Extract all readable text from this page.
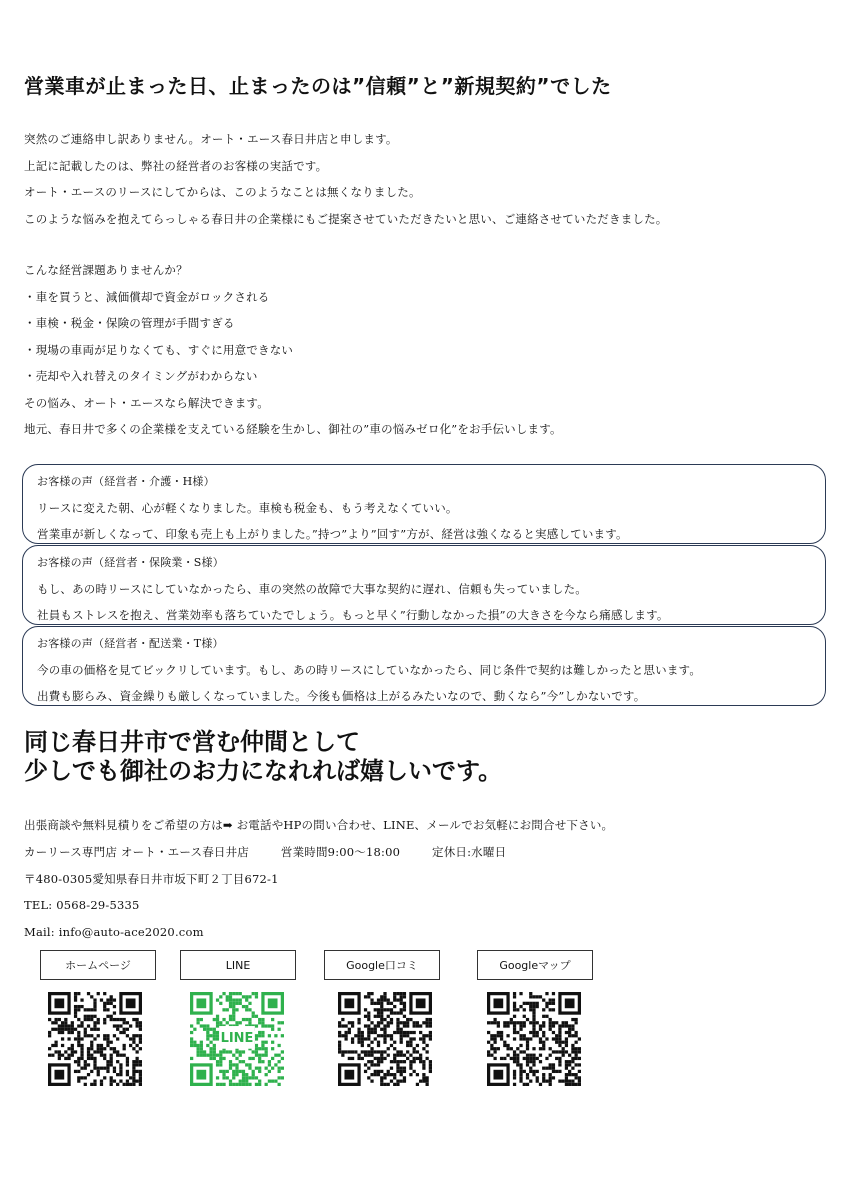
営業車が止まった日、止まったのは”信頼”と”新規契約”でした
突然のご連絡申し訳ありません。オート・エース春日井店と申します。
上記に記載したのは、弊社の経営者のお客様の実話です。
オート・エースのリースにしてからは、このようなことは無くなりました。
このような悩みを抱えてらっしゃる春日井の企業様にもご提案させていただきたいと思い、ご連絡させていただきました。
こんな経営課題ありませんか？
・車を買うと、減価償却で資金がロックされる
・車検・税金・保険の管理が手間すぎる
・現場の車両が足りなくても、すぐに用意できない
・売却や入れ替えのタイミングがわからない
その悩み、オート・エースなら解決できます。
地元、春日井で多くの企業様を支えている経験を生かし、御社の”車の悩みゼロ化”をお手伝いします。
お客様の声（経営者・介護・H様）
リースに変えた朝、心が軽くなりました。車検も税金も、もう考えなくていい。
営業車が新しくなって、印象も売上も上がりました。”持つ”より”回す”方が、経営は強くなると実感しています。
お客様の声（経営者・保険業・S様）
もし、あの時リースにしていなかったら、車の突然の故障で大事な契約に遅れ、信頼も失っていました。
社員もストレスを抱え、営業効率も落ちていたでしょう。もっと早く”行動しなかった損”の大きさを今なら痛感します。
お客様の声（経営者・配送業・T様）
今の車の価格を見てビックリしています。もし、あの時リースにしていなかったら、同じ条件で契約は難しかったと思います。
出費も膨らみ、資金繰りも厳しくなっていました。今後も価格は上がるみたいなので、動くなら”今”しかないです。
同じ春日井市で営む仲間として
少しでも御社のお力になれれば嬉しいです。
出張商談や無料見積りをご希望の方は➡ お電話やHPの問い合わせ、LINE、メールでお気軽にお問合せ下さい。
カーリース専門店 オート・エース春日井店	営業時間9:00～18:00	定休日:水曜日
〒480-0305愛知県春日井市坂下町２丁目672-1
TEL: 0568-29-5335
Mail: info@auto-ace2020.com
ホームページ	LINE
LINE
Google口コミ	Googleマップ
